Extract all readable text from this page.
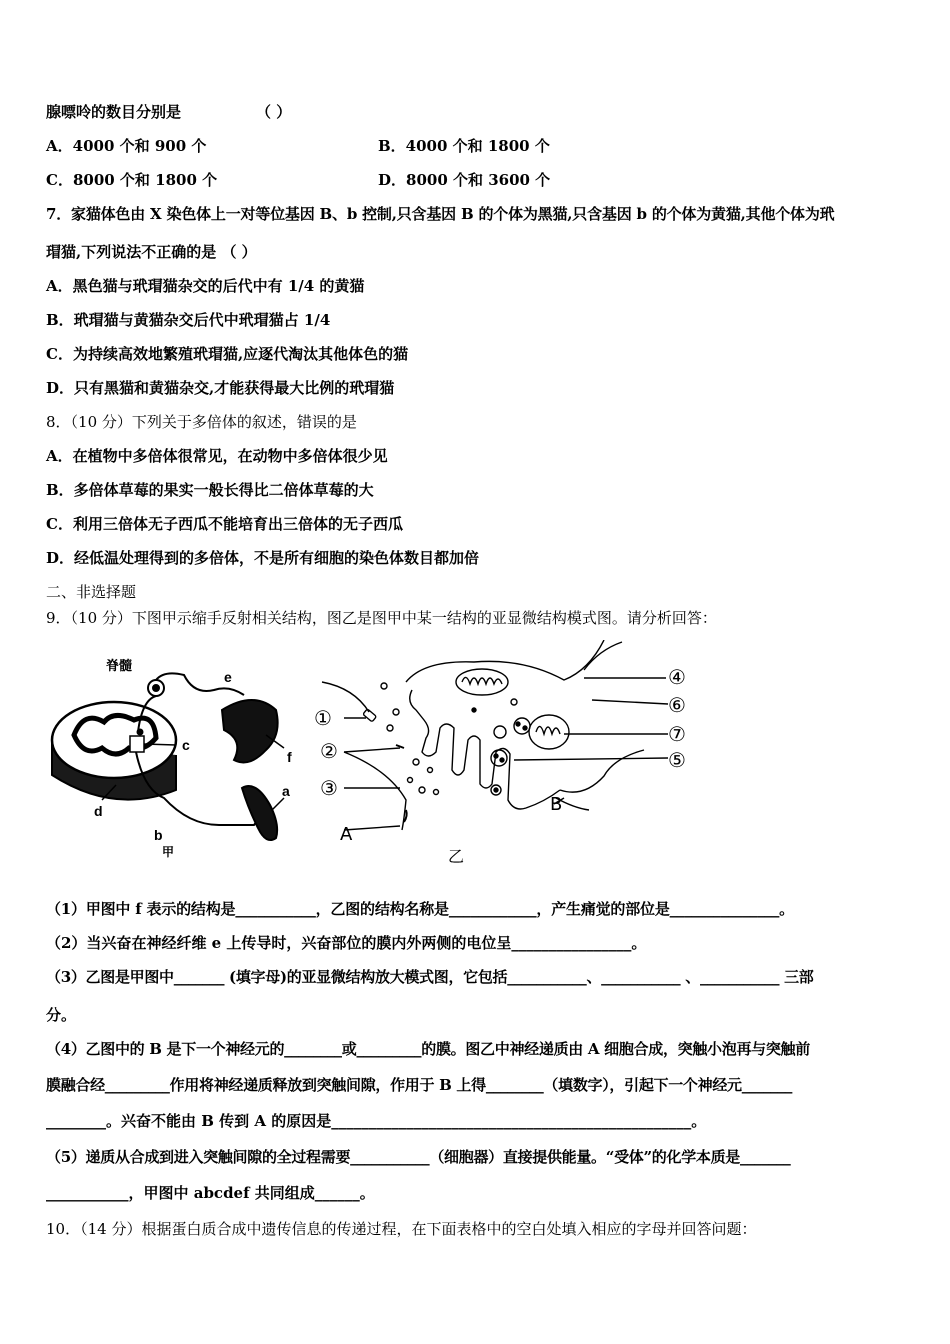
腺嘌呤的数目分别是	（ ）
A．4000 个和 900 个	B．4000 个和 1800 个
C．8000 个和 1800 个	D．8000 个和 3600 个
7．家猫体色由 X 染色体上一对等位基因 B、b 控制,只含基因 B 的个体为黑猫,只含基因 b 的个体为黄猫,其他个体为玳
瑁猫,下列说法不正确的是 （ ）
A．黑色猫与玳瑁猫杂交的后代中有 1/4 的黄猫
B．玳瑁猫与黄猫杂交后代中玳瑁猫占 1/4
C．为持续高效地繁殖玳瑁猫,应逐代淘汰其他体色的猫
D．只有黑猫和黄猫杂交,才能获得最大比例的玳瑁猫
8．（10 分）下列关于多倍体的叙述，错误的是
A．在植物中多倍体很常见，在动物中多倍体很少见
B．多倍体草莓的果实一般长得比二倍体草莓的大
C．利用三倍体无子西瓜不能培育出三倍体的无子西瓜
D．经低温处理得到的多倍体，不是所有细胞的染色体数目都加倍
二、非选择题
9．（10 分）下图甲示缩手反射相关结构，图乙是图甲中某一结构的亚显微结构模式图。请分析回答：
脊髓
e
c
f
a
d
b
甲
①
②
③
A
④
⑥
⑦
⑤
B
乙
（1）甲图中 f 表示的结构是___________，乙图的结构名称是____________，产生痛觉的部位是_______________。
（2）当兴奋在神经纤维 e 上传导时，兴奋部位的膜内外两侧的电位呈________________。
（3）乙图是甲图中_______ (填字母)的亚显微结构放大模式图，它包括___________、___________ 、___________ 三部
分。
（4）乙图中的 B 是下一个神经元的________或_________的膜。图乙中神经递质由 A 细胞合成，突触小泡再与突触前
膜融合经_________作用将神经递质释放到突触间隙，作用于 B 上得________（填数字），引起下一个神经元_______
________。兴奋不能由 B 传到 A 的原因是________________________________________________。
（5）递质从合成到进入突触间隙的全过程需要___________（细胞器）直接提供能量。“受体”的化学本质是_______
___________，甲图中 abcdef 共同组成______。
10．（14 分）根据蛋白质合成中遗传信息的传递过程，在下面表格中的空白处填入相应的字母并回答问题：
